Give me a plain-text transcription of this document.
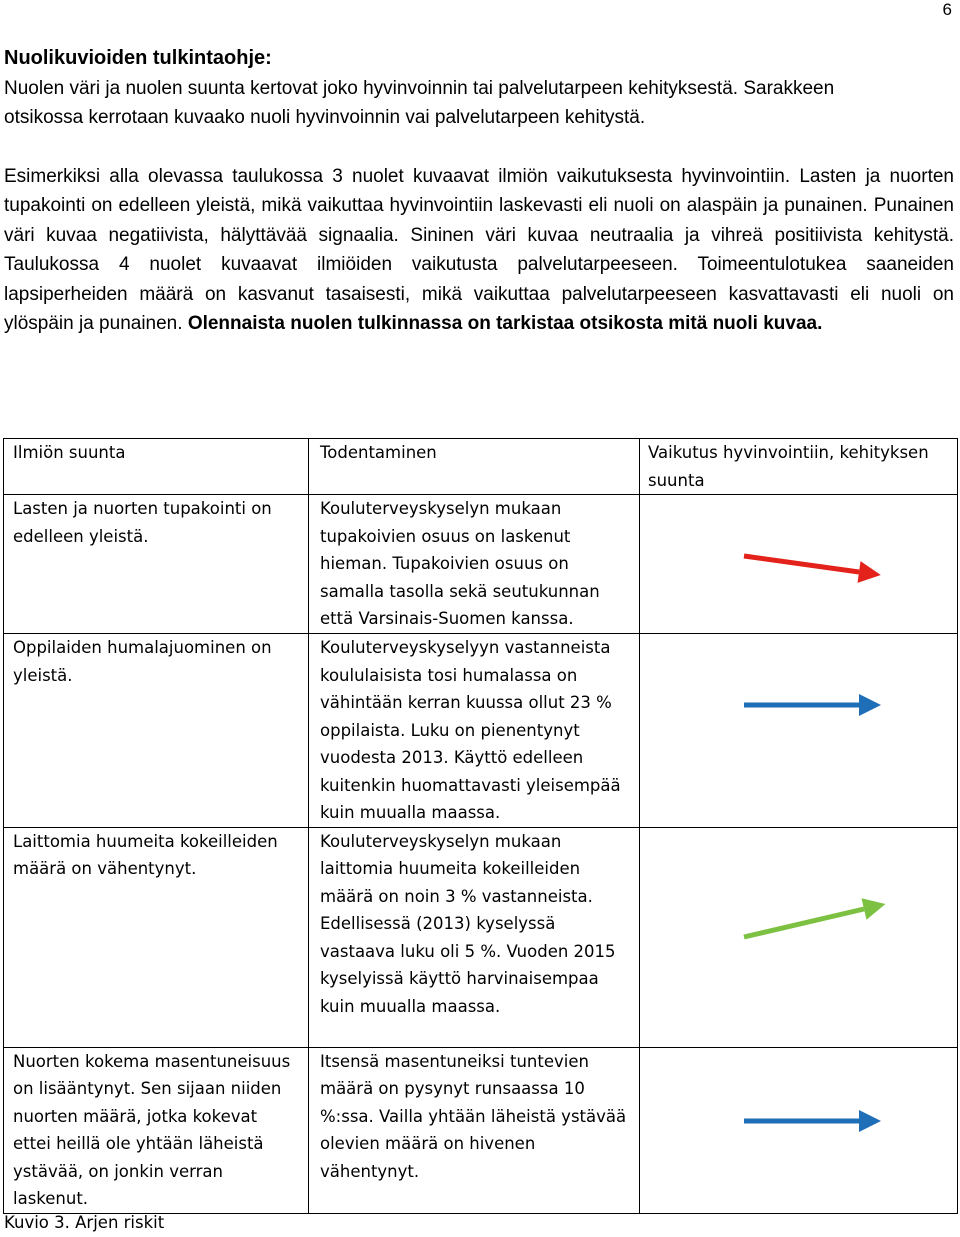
6
Nuolikuvioiden tulkintaohje:
Nuolen väri ja nuolen suunta kertovat joko hyvinvoinnin tai palvelutarpeen kehityksestä. Sarakkeen
otsikossa kerrotaan kuvaako nuoli hyvinvoinnin vai palvelutarpeen kehitystä.
Esimerkiksi alla olevassa taulukossa 3 nuolet kuvaavat ilmiön vaikutuksesta hyvinvointiin. Lasten ja nuorten tupakointi on edelleen yleistä, mikä vaikuttaa hyvinvointiin laskevasti eli nuoli on alaspäin ja punainen. Punainen väri kuvaa negatiivista, hälyttävää signaalia. Sininen väri kuvaa neutraalia ja vihreä positiivista kehitystä. Taulukossa 4 nuolet kuvaavat ilmiöiden vaikutusta palvelutarpeeseen. Toimeentulotukea saaneiden lapsiperheiden määrä on kasvanut tasaisesti, mikä vaikuttaa palvelutarpeeseen kasvattavasti eli nuoli on ylöspäin ja punainen. Olennaista nuolen tulkinnassa on tarkistaa otsikosta mitä nuoli kuvaa.
Ilmiön suunta	Todentaminen	Vaikutus hyvinvointiin, kehityksen suunta
Lasten ja nuorten tupakointi on edelleen yleistä.	Kouluterveyskyselyn mukaan tupakoivien osuus on laskenut hieman. Tupakoivien osuus on samalla tasolla sekä seutukunnan että Varsinais-Suomen kanssa.	

Oppilaiden humalajuominen on yleistä.	Kouluterveyskyselyyn vastanneista koululaisista tosi humalassa on vähintään kerran kuussa ollut 23 % oppilaista. Luku on pienentynyt vuodesta 2013. Käyttö edelleen kuitenkin huomattavasti yleisempää kuin muualla maassa.	

Laittomia huumeita kokeilleiden määrä on vähentynyt.	Kouluterveyskyselyn mukaan laittomia huumeita kokeilleiden määrä on noin 3 % vastanneista. Edellisessä (2013) kyselyssä vastaava luku oli 5 %. Vuoden 2015 kyselyissä käyttö harvinaisempaa kuin muualla maassa.	

Nuorten kokema masentuneisuus on lisääntynyt. Sen sijaan niiden nuorten määrä, jotka kokevat ettei heillä ole yhtään läheistä ystävää, on jonkin verran laskenut.	Itsensä masentuneiksi tuntevien määrä on pysynyt runsaassa 10 %:ssa. Vailla yhtään läheistä ystävää olevien määrä on hivenen vähentynyt.	
Kuvio 3. Arjen riskit
